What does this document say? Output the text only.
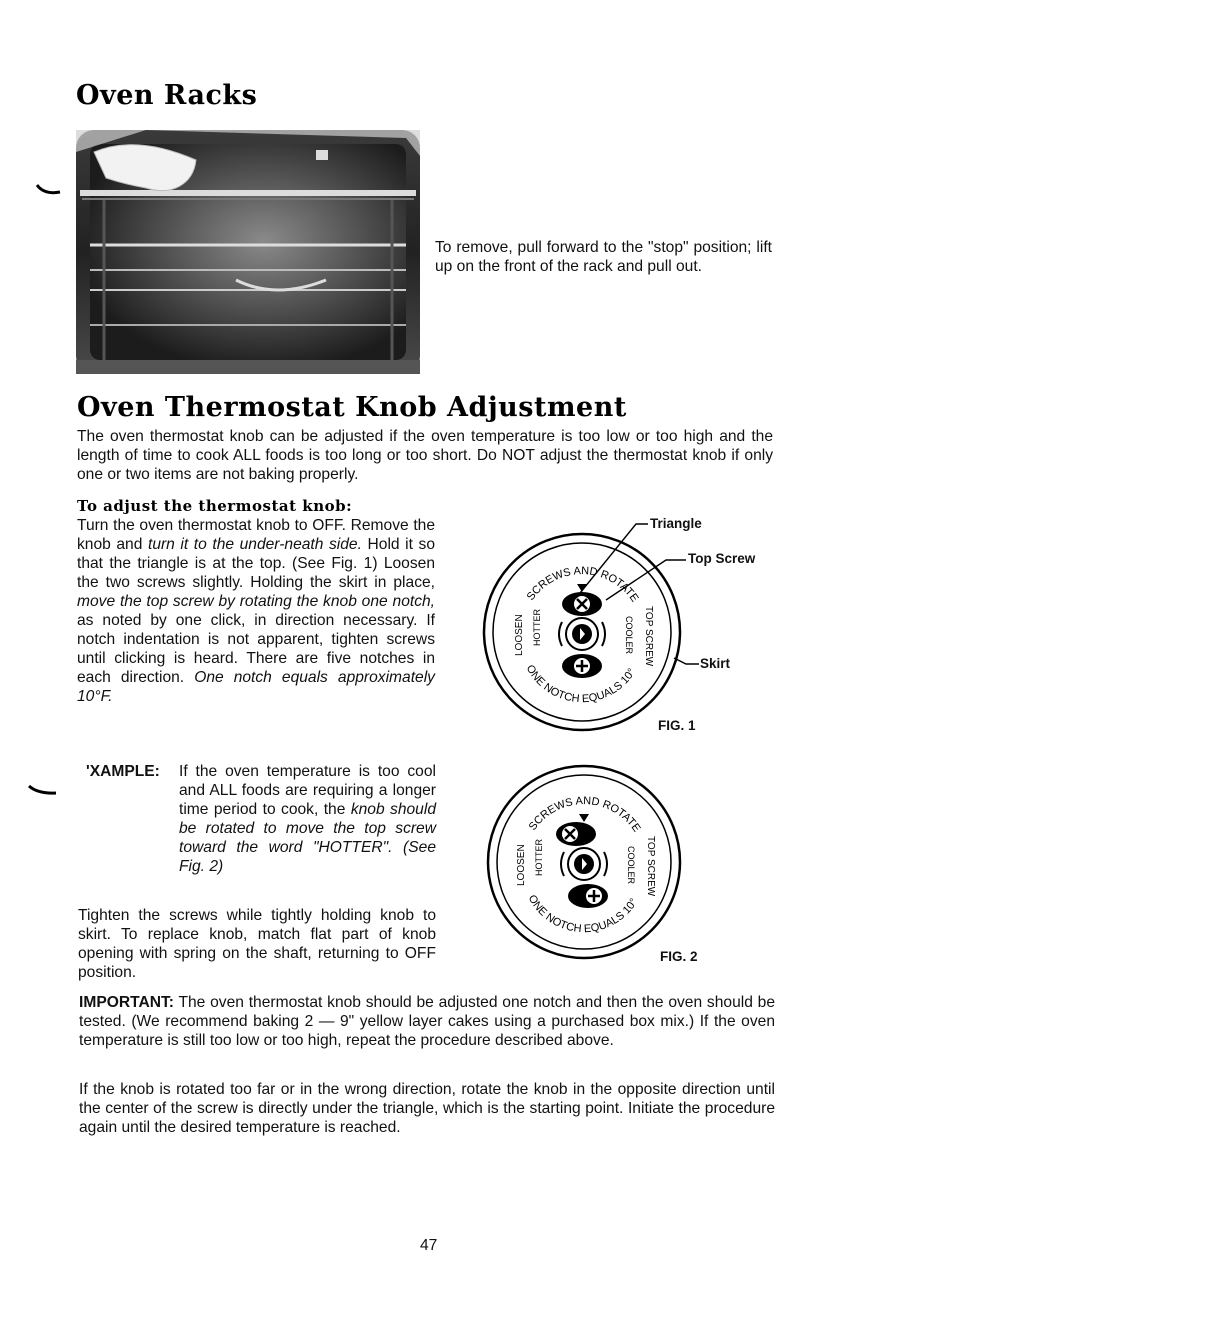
Oven Racks
To remove, pull forward to the "stop" position; lift up on the front of the rack and pull out.
Oven Thermostat Knob Adjustment
The oven thermostat knob can be adjusted if the oven temperature is too low or too high and the length of time to cook ALL foods is too long or too short. Do NOT adjust the thermostat knob if only one or two items are not baking properly.
To adjust the thermostat knob:

Turn the oven thermostat knob to OFF. Remove the knob and turn it to the under-neath side. Hold it so that the triangle is at the top. (See Fig. 1) Loosen the two screws slightly. Holding the skirt in place, move the top screw by rotating the knob one notch, as noted by one click, in direction necessary. If notch indentation is not apparent, tighten screws until clicking is heard. There are five notches in each direction. One notch equals approximately 10°F.

'XAMPLE: If the oven temperature is too cool and ALL foods are requiring a longer time period to cook, the knob should be rotated to move the top screw toward the word "HOTTER". (See Fig. 2)

Tighten the screws while tightly holding knob to skirt. To replace knob, match flat part of knob opening with spring on the shaft, returning to OFF position.

IMPORTANT: The oven thermostat knob should be adjusted one notch and then the oven should be tested. (We recommend baking 2 — 9" yellow layer cakes using a purchased box mix.) If the oven temperature is still too low or too high, repeat the procedure described above.

If the knob is rotated too far or in the wrong direction, rotate the knob in the opposite direction until the center of the screw is directly under the triangle, which is the starting point. Initiate the procedure again until the desired temperature is reached.
SCREWS AND ROTATE
ONE NOTCH EQUALS 10°
LOOSEN	TOP SCREW
HOTTER	COOLER
Triangle
Top Screw
Skirt
FIG. 1
SCREWS AND ROTATE
ONE NOTCH EQUALS 10°
LOOSEN	TOP SCREW
HOTTER	COOLER
FIG. 2
47
